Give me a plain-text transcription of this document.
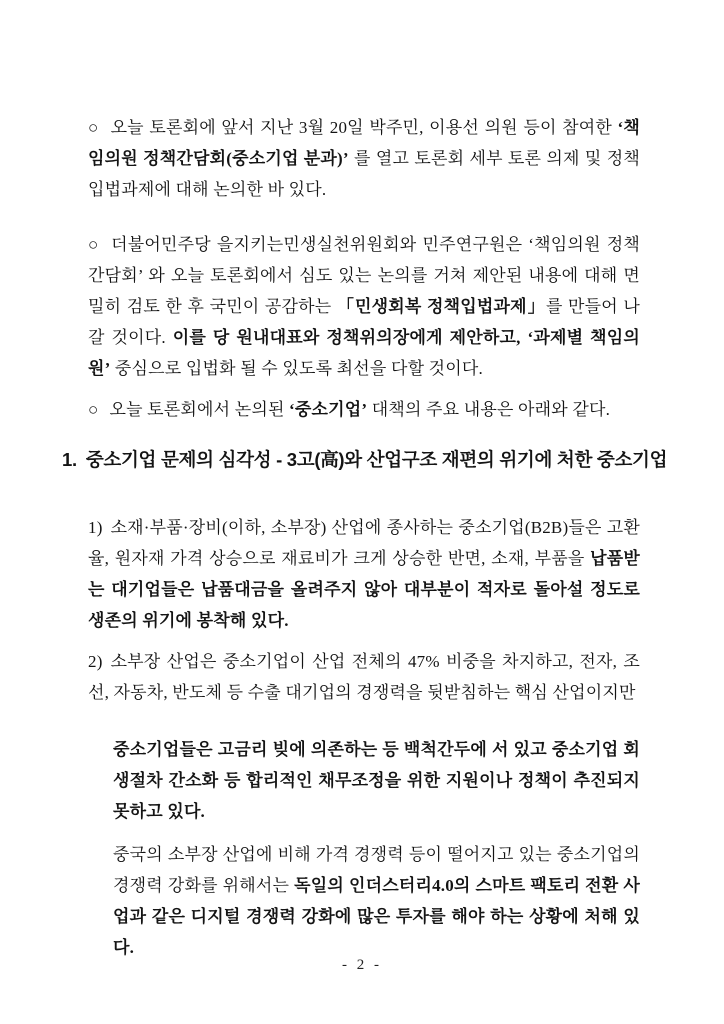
○ 오늘 토론회에 앞서 지난 3월 20일 박주민, 이용선 의원 등이 참여한 ‘책임의원 정책간담회(중소기업 분과)’ 를 열고 토론회 세부 토론 의제 및 정책입법과제에 대해 논의한 바 있다.

○ 더불어민주당 을지키는민생실천위원회와 민주연구원은 ‘책임의원 정책간담회’ 와 오늘 토론회에서 심도 있는 논의를 거쳐 제안된 내용에 대해 면밀히 검토 한 후 국민이 공감하는 「민생회복 정책입법과제」를 만들어 나갈 것이다. 이를 당 원내대표와 정책위의장에게 제안하고, ‘과제별 책임의원’ 중심으로 입법화 될 수 있도록 최선을 다할 것이다.

○ 오늘 토론회에서 논의된 ‘중소기업’ 대책의 주요 내용은 아래와 같다.

1. 중소기업 문제의 심각성 - 3고(高)와 산업구조 재편의 위기에 처한 중소기업

1) 소재·부품·장비(이하, 소부장) 산업에 종사하는 중소기업(B2B)들은 고환율, 원자재 가격 상승으로 재료비가 크게 상승한 반면, 소재, 부품을 납품받는 대기업들은 납품대금을 올려주지 않아 대부분이 적자로 돌아설 정도로 생존의 위기에 봉착해 있다.

2) 소부장 산업은 중소기업이 산업 전체의 47% 비중을 차지하고, 전자, 조선, 자동차, 반도체 등 수출 대기업의 경쟁력을 뒷받침하는 핵심 산업이지만

중소기업들은 고금리 빚에 의존하는 등 백척간두에 서 있고 중소기업 회생절차 간소화 등 합리적인 채무조정을 위한 지원이나 정책이 추진되지 못하고 있다.

중국의 소부장 산업에 비해 가격 경쟁력 등이 떨어지고 있는 중소기업의 경쟁력 강화를 위해서는 독일의 인더스터리4.0의 스마트 팩토리 전환 사업과 같은 디지털 경쟁력 강화에 많은 투자를 해야 하는 상황에 처해 있다.

- 2 -
